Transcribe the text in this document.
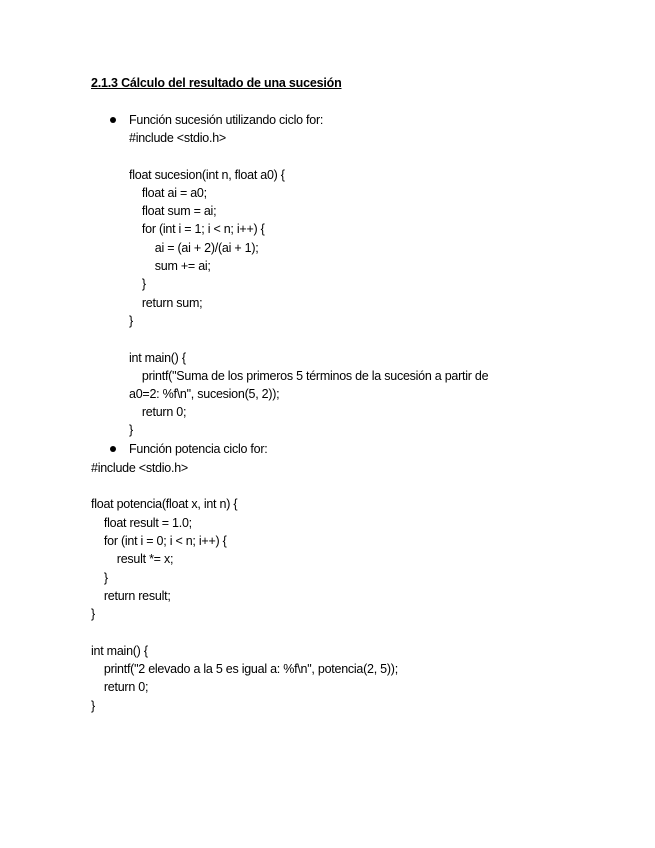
2.1.3 Cálculo del resultado de una sucesión
Función sucesión utilizando ciclo for:
#include <stdio.h>
float sucesion(int n, float a0) {
float ai = a0;
float sum = ai;
for (int i = 1; i < n; i++) {
ai = (ai + 2)/(ai + 1);
sum += ai;
}
return sum;
}
int main() {
printf("Suma de los primeros 5 términos de la sucesión a partir de
a0=2: %f\n", sucesion(5, 2));
return 0;
}
Función potencia ciclo for:
#include <stdio.h>
float potencia(float x, int n) {
float result = 1.0;
for (int i = 0; i < n; i++) {
result *= x;
}
return result;
}
int main() {
printf("2 elevado a la 5 es igual a: %f\n", potencia(2, 5));
return 0;
}
